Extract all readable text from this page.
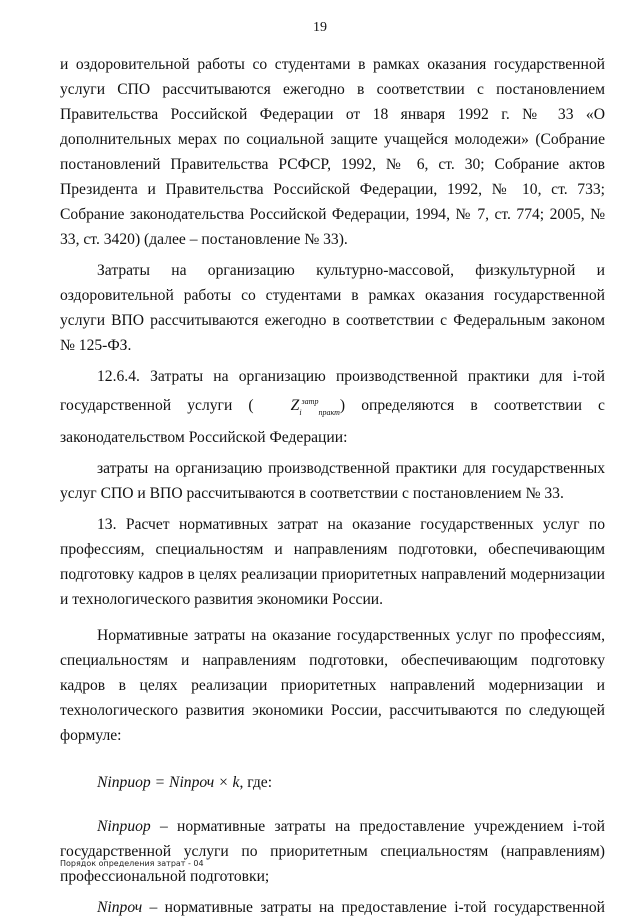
19

и оздоровительной работы со студентами в рамках оказания государственной услуги СПО рассчитываются ежегодно в соответствии с постановлением Правительства Российской Федерации от 18 января 1992 г. № 33 «О дополнительных мерах по социальной защите учащейся молодежи» (Собрание постановлений Правительства РСФСР, 1992, № 6, ст. 30; Собрание актов Президента и Правительства Российской Федерации, 1992, № 10, ст. 733; Собрание законодательства Российской Федерации, 1994, № 7, ст. 774; 2005, № 33, ст. 3420) (далее – постановление № 33).

Затраты на организацию культурно-массовой, физкультурной и оздоровительной работы со студентами в рамках оказания государственной услуги ВПО рассчитываются ежегодно в соответствии с Федеральным законом № 125-ФЗ.

12.6.4. Затраты на организацию производственной практики для i-той государственной услуги ( $Z_i^{затр}_{практ}$) определяются в соответствии с законодательством Российской Федерации:

затраты на организацию производственной практики для государственных услуг СПО и ВПО рассчитываются в соответствии с постановлением № 33.

13. Расчет нормативных затрат на оказание государственных услуг по профессиям, специальностям и направлениям подготовки, обеспечивающим подготовку кадров в целях реализации приоритетных направлений модернизации и технологического развития экономики России.

Нормативные затраты на оказание государственных услуг по профессиям, специальностям и направлениям подготовки, обеспечивающим подготовку кадров в целях реализации приоритетных направлений модернизации и технологического развития экономики России, рассчитываются по следующей формуле:

Niприор = Niпроч × k, где:

Niприор – нормативные затраты на предоставление учреждением i-той государственной услуги по приоритетным специальностям (направлениям) профессиональной подготовки;

Niпроч – нормативные затраты на предоставление i-той государственной

Порядок определения затрат - 04
